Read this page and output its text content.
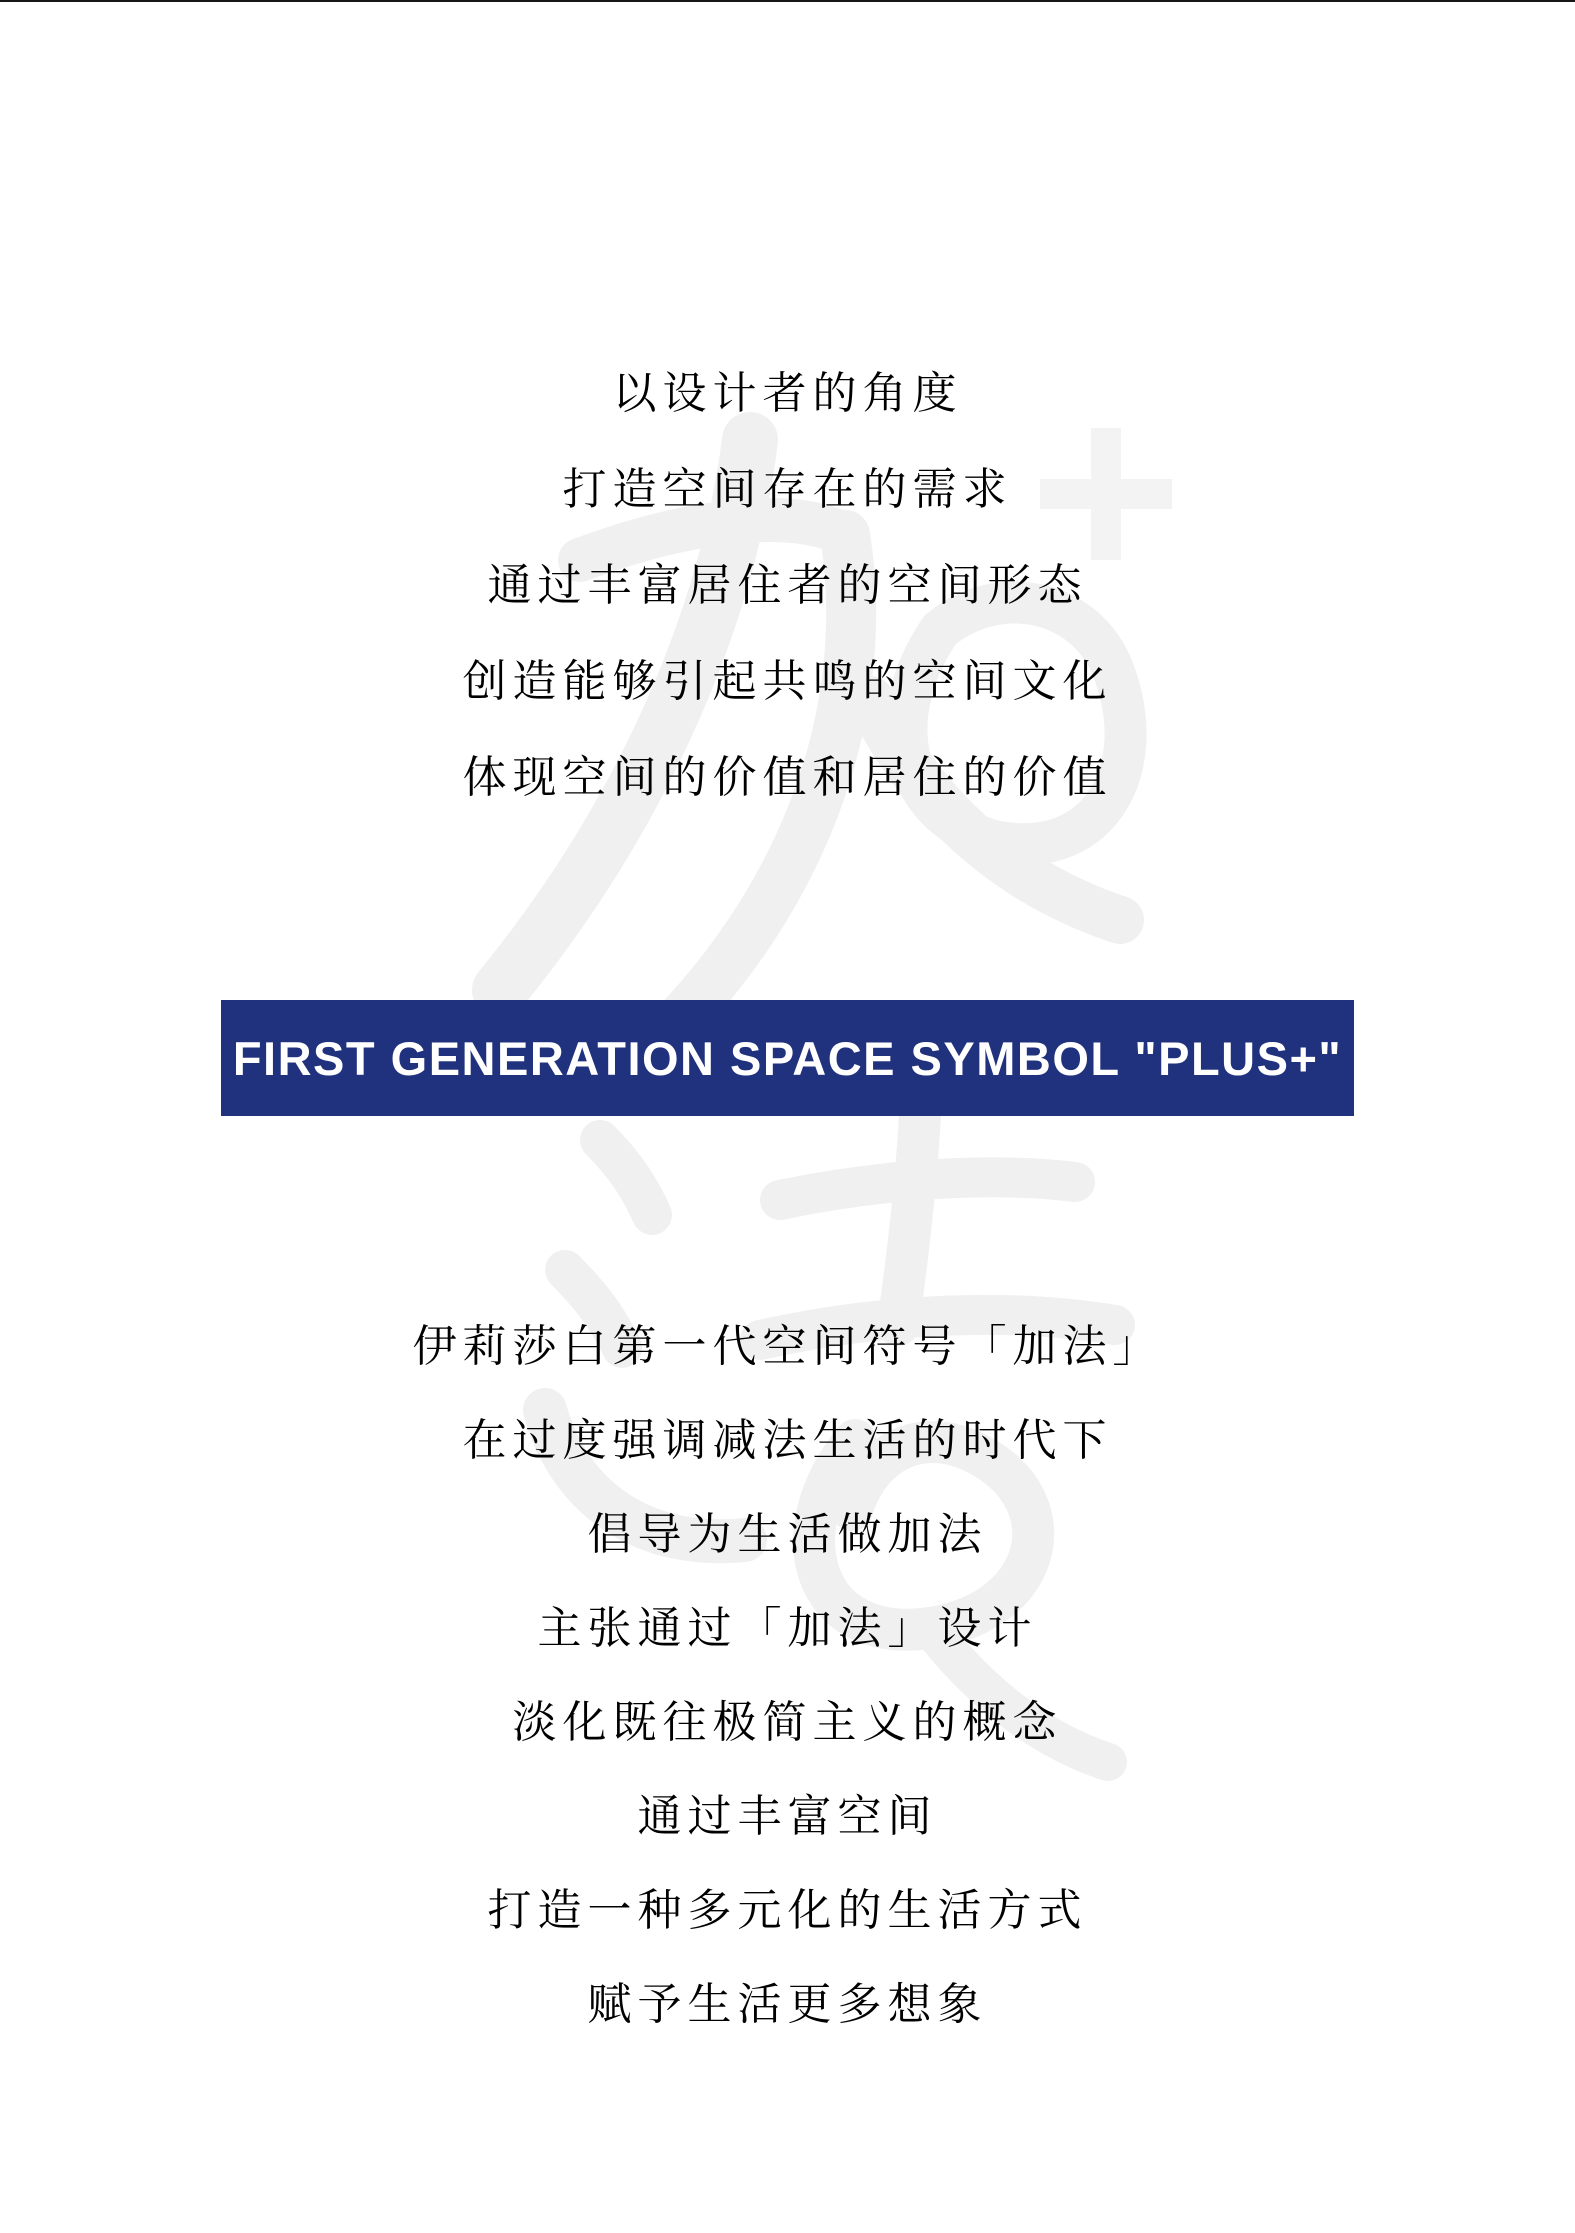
以设计者的角度

打造空间存在的需求

通过丰富居住者的空间形态

创造能够引起共鸣的空间文化

体现空间的价值和居住的价值

FIRST GENERATION SPACE SYMBOL "PLUS+"

伊莉莎白第一代空间符号「加法」

在过度强调减法生活的时代下

倡导为生活做加法

主张通过「加法」设计

淡化既往极简主义的概念

通过丰富空间

打造一种多元化的生活方式

赋予生活更多想象
